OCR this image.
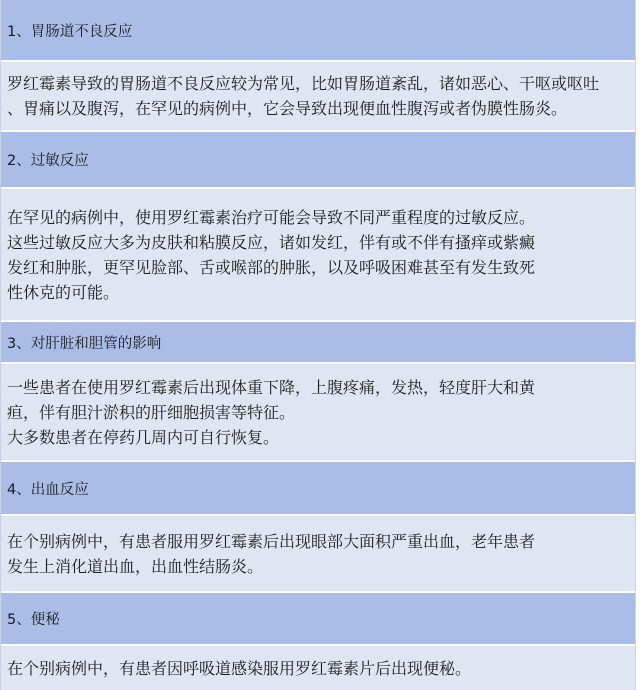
1、胃肠道不良反应

罗红霉素导致的胃肠道不良反应较为常见，比如胃肠道紊乱，诸如恶心、干呕或呕吐

、胃痛以及腹泻，在罕见的病例中，它会导致出现便血性腹泻或者伪膜性肠炎。

2、过敏反应

在罕见的病例中，使用罗红霉素治疗可能会导致不同严重程度的过敏反应。

这些过敏反应大多为皮肤和粘膜反应，诸如发红，伴有或不伴有搔痒或紫癜

发红和肿胀，更罕见脸部、舌或喉部的肿胀，以及呼吸困难甚至有发生致死

性休克的可能。

3、对肝脏和胆管的影响

一些患者在使用罗红霉素后出现体重下降，上腹疼痛，发热，轻度肝大和黄

疸，伴有胆汁淤积的肝细胞损害等特征。

大多数患者在停药几周内可自行恢复。

4、出血反应

在个别病例中，有患者服用罗红霉素后出现眼部大面积严重出血，老年患者

发生上消化道出血，出血性结肠炎。

5、便秘

在个别病例中，有患者因呼吸道感染服用罗红霉素片后出现便秘。
